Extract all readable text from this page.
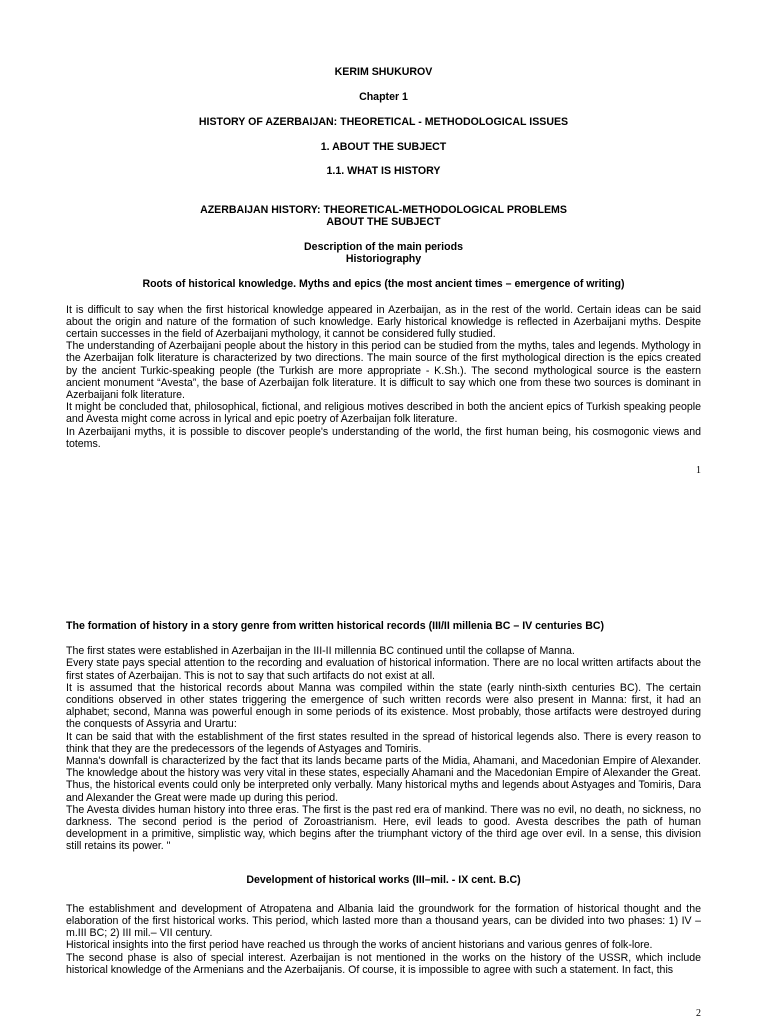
KERIM SHUKUROV

Chapter 1

HISTORY OF AZERBAIJAN: THEORETICAL - METHODOLOGICAL ISSUES

1. ABOUT THE SUBJECT

1.1. WHAT IS HISTORY

AZERBAIJAN HISTORY: THEORETICAL-METHODOLOGICAL PROBLEMS

ABOUT THE SUBJECT

Description of the main periods

Historiography

Roots of historical knowledge. Myths and epics (the most ancient times – emergence of writing)

It is difficult to say when the first historical knowledge appeared in Azerbaijan, as in the rest of the world. Certain ideas can be said about the origin and nature of the formation of such knowledge. Early historical knowledge is reflected in Azerbaijani myths. Despite certain successes in the field of Azerbaijani mythology, it cannot be considered fully studied.

The understanding of Azerbaijani people about the history in this period can be studied from the myths, tales and legends. Mythology in the Azerbaijan folk literature is characterized by two directions. The main source of the first mythological direction is the epics created by the ancient Turkic-speaking people (the Turkish are more appropriate - K.Sh.). The second mythological source is the eastern ancient monument “Avesta”, the base of Azerbaijan folk literature. It is difficult to say which one from these two sources is dominant in Azerbaijani folk literature.

It might be concluded that, philosophical, fictional, and religious motives described in both the ancient epics of Turkish speaking people and Avesta might come across in lyrical and epic poetry of Azerbaijan folk literature.

In Azerbaijani myths, it is possible to discover people's understanding of the world, the first human being, his cosmogonic views and totems.

1

The formation of history in a story genre from written historical records (III/II millenia BC – IV centuries BC)

The first states were established in Azerbaijan in the III-II millennia BC continued until the collapse of Manna.

Every state pays special attention to the recording and evaluation of historical information. There are no local written artifacts about the first states of Azerbaijan. This is not to say that such artifacts do not exist at all.

It is assumed that the historical records about Manna was compiled within the state (early ninth-sixth centuries BC). The certain conditions observed in other states triggering the emergence of such written records were also present in Manna: first, it had an alphabet; second, Manna was powerful enough in some periods of its existence. Most probably, those artifacts were destroyed during the conquests of Assyria and Urartu:

It can be said that with the establishment of the first states resulted in the spread of historical legends also. There is every reason to think that they are the predecessors of the legends of Astyages and Tomiris.

Manna's downfall is characterized by the fact that its lands became parts of the Midia, Ahamani, and Macedonian Empire of Alexander. The knowledge about the history was very vital in these states, especially Ahamani and the Macedonian Empire of Alexander the Great.

Thus, the historical events could only be interpreted only verbally. Many historical myths and legends about Astyages and Tomiris, Dara and Alexander the Great were made up during this period.

The Avesta divides human history into three eras. The first is the past red era of mankind. There was no evil, no death, no sickness, no darkness. The second period is the period of Zoroastrianism. Here, evil leads to good. Avesta describes the path of human development in a primitive, simplistic way, which begins after the triumphant victory of the third age over evil. In a sense, this division still retains its power. "

Development of historical works (III–mil. - IX cent. B.C)

The establishment and development of Atropatena and Albania laid the groundwork for the formation of historical thought and the elaboration of the first historical works. This period, which lasted more than a thousand years, can be divided into two phases: 1) IV – m.III BC; 2) III mil.– VII century.

Historical insights into the first period have reached us through the works of ancient historians and various genres of folk-lore.

The second phase is also of special interest. Azerbaijan is not mentioned in the works on the history of the USSR, which include historical knowledge of the Armenians and the Azerbaijanis. Of course, it is impossible to agree with such a statement. In fact, this

2
